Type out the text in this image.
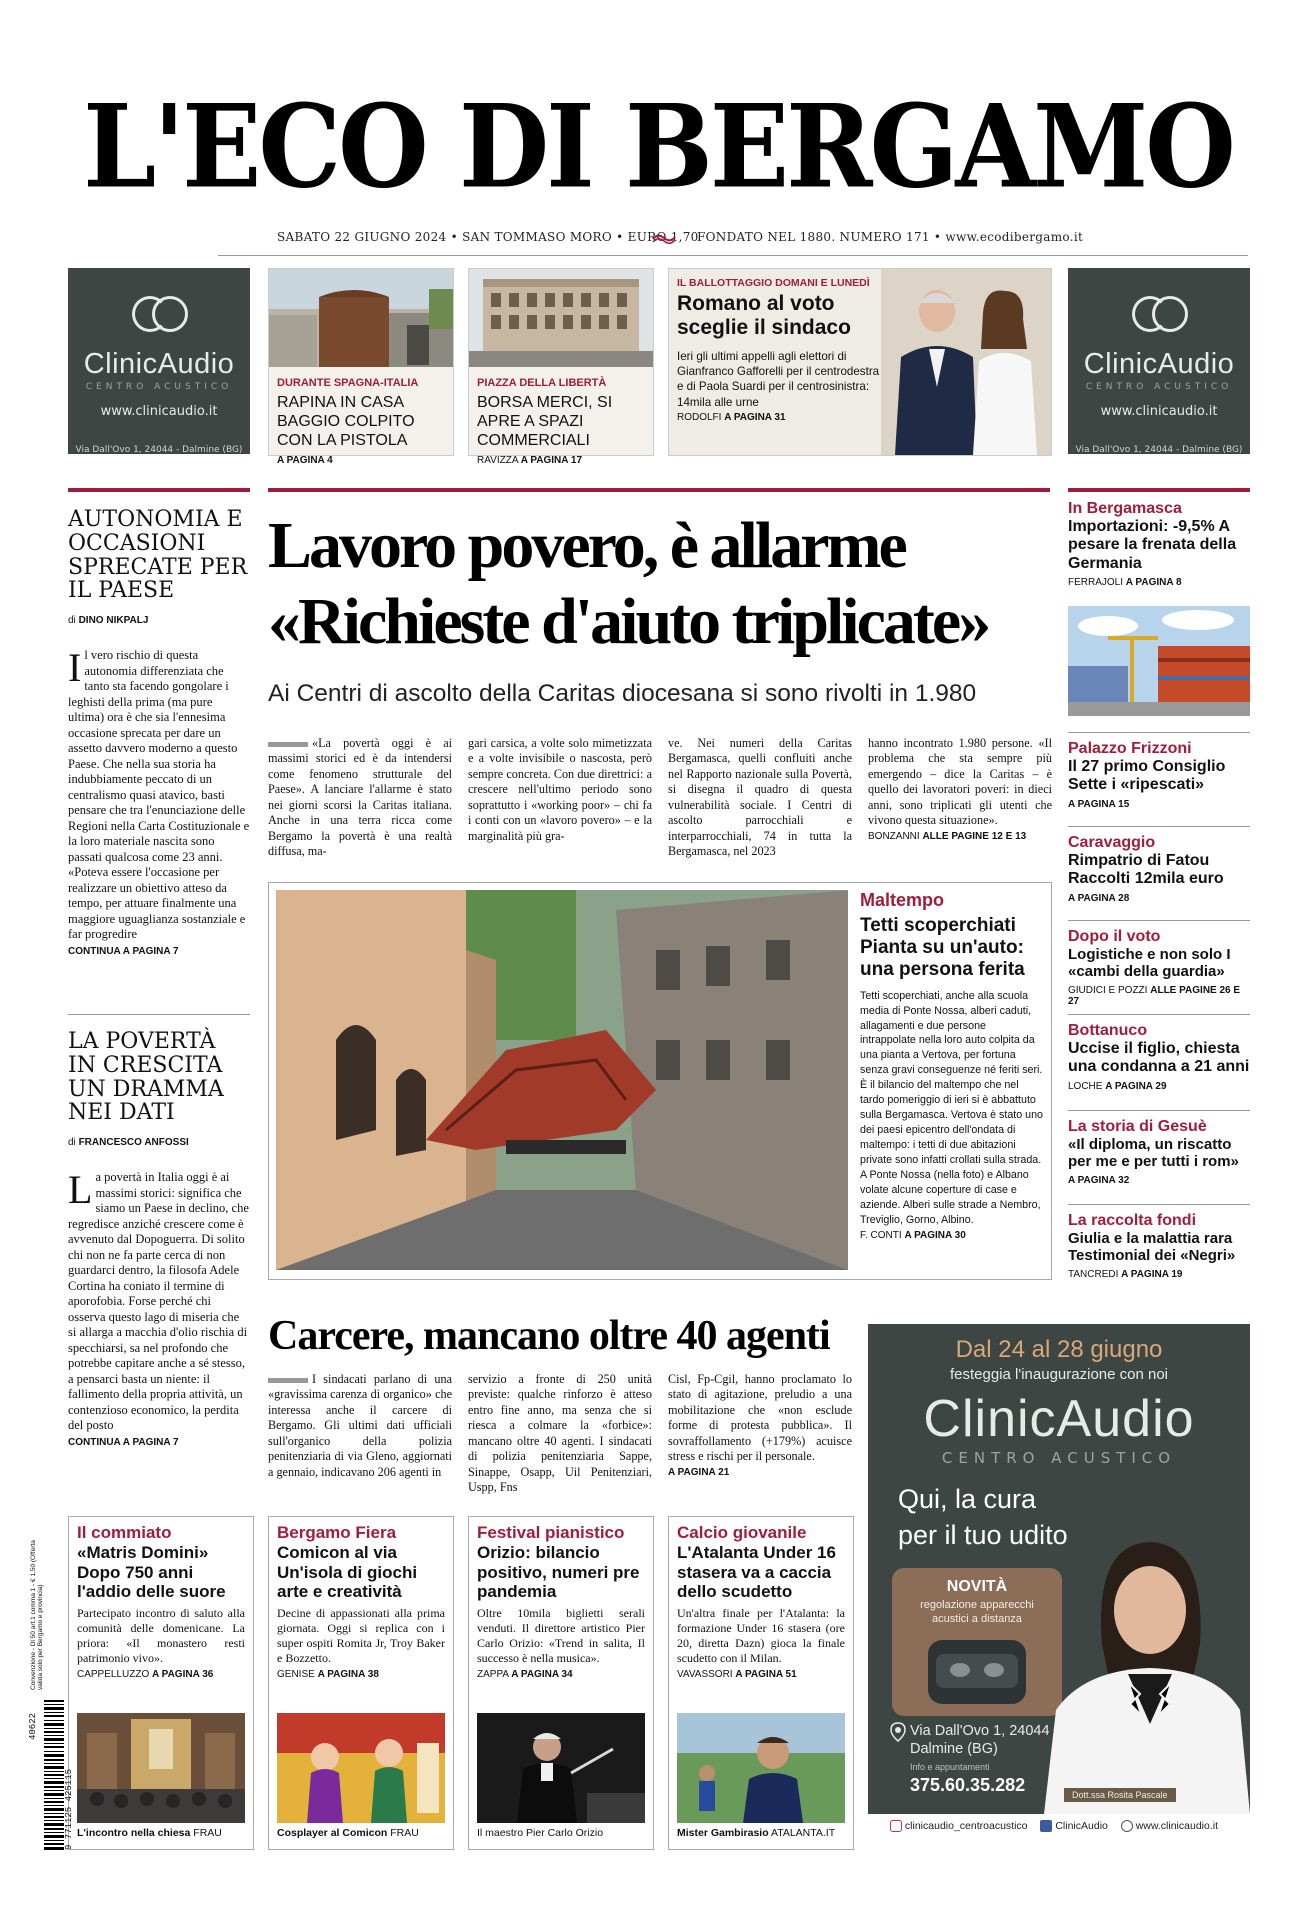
L'ECO DI BERGAMO
SABATO 22 GIUGNO 2024 • SAN TOMMASO MORO • EURO 1,70
FONDATO NEL 1880. NUMERO 171 • www.ecodibergamo.it
ClinicAudio
CENTRO ACUSTICO
www.clinicaudio.it
Via Dall'Ovo 1, 24044 - Dalmine (BG)
ClinicAudio
CENTRO ACUSTICO
www.clinicaudio.it
Via Dall'Ovo 1, 24044 - Dalmine (BG)
DURANTE SPAGNA-ITALIA
RAPINA IN CASA BAGGIO COLPITO CON LA PISTOLA
A PAGINA 4
PIAZZA DELLA LIBERTÀ
BORSA MERCI, SI APRE A SPAZI COMMERCIALI
RAVIZZA A PAGINA 17
IL BALLOTTAGGIO DOMANI E LUNEDÌ
Romano al voto sceglie il sindaco
Ieri gli ultimi appelli agli elettori di Gianfranco Gafforelli per il centrodestra e di Paola Suardi per il centrosinistra: 14mila alle urne
RODOLFI A PAGINA 31
AUTONOMIA E OCCASIONI SPRECATE PER IL PAESE
di DINO NIKPALJ
Il vero rischio di questa autonomia differenziata che tanto sta facendo gongolare i leghisti della prima (ma pure ultima) ora è che sia l'ennesima occasione sprecata per dare un assetto davvero moderno a questo Paese. Che nella sua storia ha indubbiamente peccato di un centralismo quasi atavico, basti pensare che tra l'enunciazione delle Regioni nella Carta Costituzionale e la loro materiale nascita sono passati qualcosa come 23 anni. «Poteva essere l'occasione per realizzare un obiettivo atteso da tempo, per attuare finalmente una maggiore uguaglianza sostanziale e far progredire
CONTINUA A PAGINA 7
LA POVERTÀ IN CRESCITA UN DRAMMA NEI DATI
di FRANCESCO ANFOSSI
La povertà in Italia oggi è ai massimi storici: significa che siamo un Paese in declino, che regredisce anziché crescere come è avvenuto dal Dopoguerra. Di solito chi non ne fa parte cerca di non guardarci dentro, la filosofa Adele Cortina ha coniato il termine di aporofobia. Forse perché chi osserva questo lago di miseria che si allarga a macchia d'olio rischia di specchiarsi, sa nel profondo che potrebbe capitare anche a sé stesso, a pensarci basta un niente: il fallimento della propria attività, un contenzioso economico, la perdita del posto
CONTINUA A PAGINA 7
Lavoro povero, è allarme
«Richieste d'aiuto triplicate»
Ai Centri di ascolto della Caritas diocesana si sono rivolti in 1.980
«La povertà oggi è ai massimi storici ed è da intendersi come fenomeno strutturale del Paese». A lanciare l'allarme è stato nei giorni scorsi la Caritas italiana. Anche in una terra ricca come Bergamo la povertà è una realtà diffusa, ma-
gari carsica, a volte solo mimetizzata e a volte invisibile o nascosta, però sempre concreta. Con due direttrici: a crescere nell'ultimo periodo sono soprattutto i «working poor» – chi fa i conti con un «lavoro povero» – e la marginalità più gra-
ve. Nei numeri della Caritas Bergamasca, quelli confluiti anche nel Rapporto nazionale sulla Povertà, si disegna il quadro di questa vulnerabilità sociale. I Centri di ascolto parrocchiali e interparrocchiali, 74 in tutta la Bergamasca, nel 2023
hanno incontrato 1.980 persone. «Il problema che sta sempre più emergendo – dice la Caritas – è quello dei lavoratori poveri: in dieci anni, sono triplicati gli utenti che vivono questa situazione».
BONZANNI ALLE PAGINE 12 E 13
Maltempo
Tetti scoperchiati Pianta su un'auto: una persona ferita
Tetti scoperchiati, anche alla scuola media di Ponte Nossa, alberi caduti, allagamenti e due persone intrappolate nella loro auto colpita da una pianta a Vertova, per fortuna senza gravi conseguenze né feriti seri. È il bilancio del maltempo che nel tardo pomeriggio di ieri si è abbattuto sulla Bergamasca. Vertova è stato uno dei paesi epicentro dell'ondata di maltempo: i tetti di due abitazioni private sono infatti crollati sulla strada. A Ponte Nossa (nella foto) e Albano volate alcune coperture di case e aziende. Alberi sulle strade a Nembro, Treviglio, Gorno, Albino.
F. CONTI A PAGINA 30
In Bergamasca
Importazioni: -9,5% A pesare la frenata della Germania
FERRAJOLI A PAGINA 8
Palazzo Frizzoni
Il 27 primo Consiglio Sette i «ripescati»
A PAGINA 15
Caravaggio
Rimpatrio di Fatou Raccolti 12mila euro
A PAGINA 28
Dopo il voto
Logistiche e non solo I «cambi della guardia»
GIUDICI E POZZI ALLE PAGINE 26 E 27
Bottanuco
Uccise il figlio, chiesta una condanna a 21 anni
LOCHE A PAGINA 29
La storia di Gesuè
«Il diploma, un riscatto per me e per tutti i rom»
A PAGINA 32
La raccolta fondi
Giulia e la malattia rara Testimonial dei «Negri»
TANCREDI A PAGINA 19
Carcere, mancano oltre 40 agenti
I sindacati parlano di una «gravissima carenza di organico» che interessa anche il carcere di Bergamo. Gli ultimi dati ufficiali sull'organico della polizia penitenziaria di via Gleno, aggiornati a gennaio, indicavano 206 agenti in
servizio a fronte di 250 unità previste: qualche rinforzo è atteso entro fine anno, ma senza che si riesca a colmare la «forbice»: mancano oltre 40 agenti. I sindacati di polizia penitenziaria Sappe, Sinappe, Osapp, Uil Penitenziari, Uspp, Fns
Cisl, Fp-Cgil, hanno proclamato lo stato di agitazione, preludio a una mobilitazione che «non esclude forme di protesta pubblica». Il sovraffollamento (+179%) acuisce stress e rischi per il personale.
A PAGINA 21
Il commiato
«Matris Domini» Dopo 750 anni l'addio delle suore
Partecipato incontro di saluto alla comunità delle domenicane. La priora: «Il monastero resti patrimonio vivo».
CAPPELLUZZO A PAGINA 36
L'incontro nella chiesa FRAU
Bergamo Fiera
Comicon al via Un'isola di giochi arte e creatività
Decine di appassionati alla prima giornata. Oggi si replica con i super ospiti Romita Jr, Troy Baker e Bozzetto.
GENISE A PAGINA 38
Cosplayer al Comicon FRAU
Festival pianistico
Orizio: bilancio positivo, numeri pre pandemia
Oltre 10mila biglietti serali venduti. Il direttore artistico Pier Carlo Orizio: «Trend in salita, Il successo è nella musica».
ZAPPA A PAGINA 34
Il maestro Pier Carlo Orizio
Calcio giovanile
L'Atalanta Under 16 stasera va a caccia dello scudetto
Un'altra finale per l'Atalanta: la formazione Under 16 stasera (ore 20, diretta Dazn) gioca la finale scudetto con il Milan.
VAVASSORI A PAGINA 51
Mister Gambirasio ATALANTA.IT
Dal 24 al 28 giugno
festeggia l'inaugurazione con noi
ClinicAudio
CENTRO ACUSTICO
Qui, la cura
per il tuo udito
NOVITÀ
regolazione apparecchi acustici a distanza
Dott.ssa Rosita Pascale
Via Dall'Ovo 1, 24044
Dalmine (BG)
Info e appuntamenti
375.60.35.282
clinicaudio_centroacustico	ClinicAudio	www.clinicaudio.it
Convenzione - Dl 50 art.1 comma 1 - € 1,50 (Offerta valida solo per Bergamo e provincia)
40622
9 771125 425115
